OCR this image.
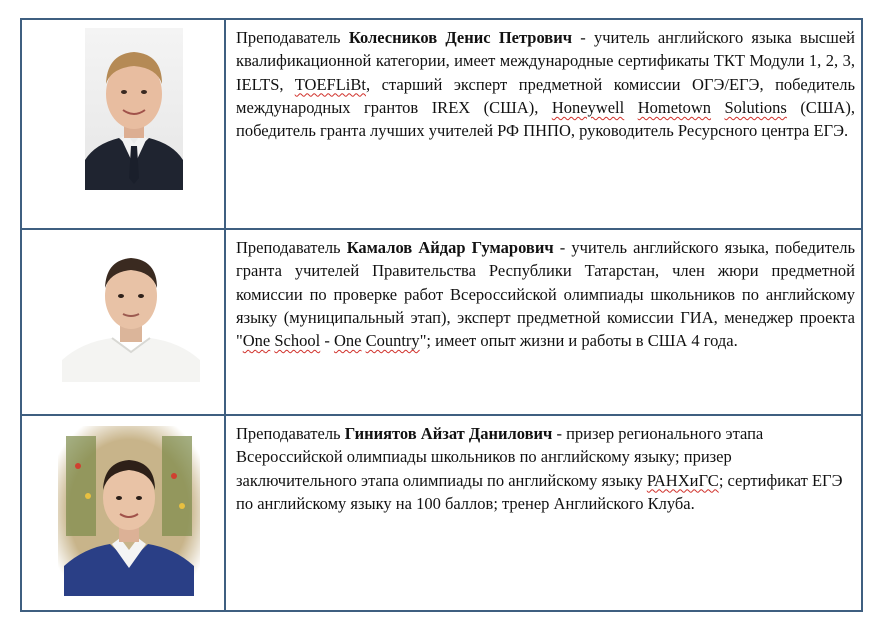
Преподаватель Колесников Денис Петрович - учитель английского языка высшей квалификационной категории, имеет международные сертификаты ТКТ Модули 1, 2, 3, IELTS, TOEFLiBt, старший эксперт предметной комиссии ОГЭ/ЕГЭ, победитель международных грантов IREX (США), Honeywell Hometown Solutions (США), победитель гранта лучших учителей РФ ПНПО, руководитель Ресурсного центра ЕГЭ.
Преподаватель Камалов Айдар Гумарович - учитель английского языка, победитель гранта учителей Правительства Республики Татарстан, член жюри предметной комиссии по проверке работ Всероссийской олимпиады школьников по английскому языку (муниципальный этап), эксперт предметной комиссии ГИА, менеджер проекта "One School - One Country"; имеет опыт жизни и работы в США 4 года.
Преподаватель Гиниятов Айзат Данилович - призер регионального этапа Всероссийской олимпиады школьников по английскому языку; призер заключительного этапа олимпиады по английскому языку РАНХиГС; сертификат ЕГЭ по английскому языку на 100 баллов; тренер Английского Клуба.
